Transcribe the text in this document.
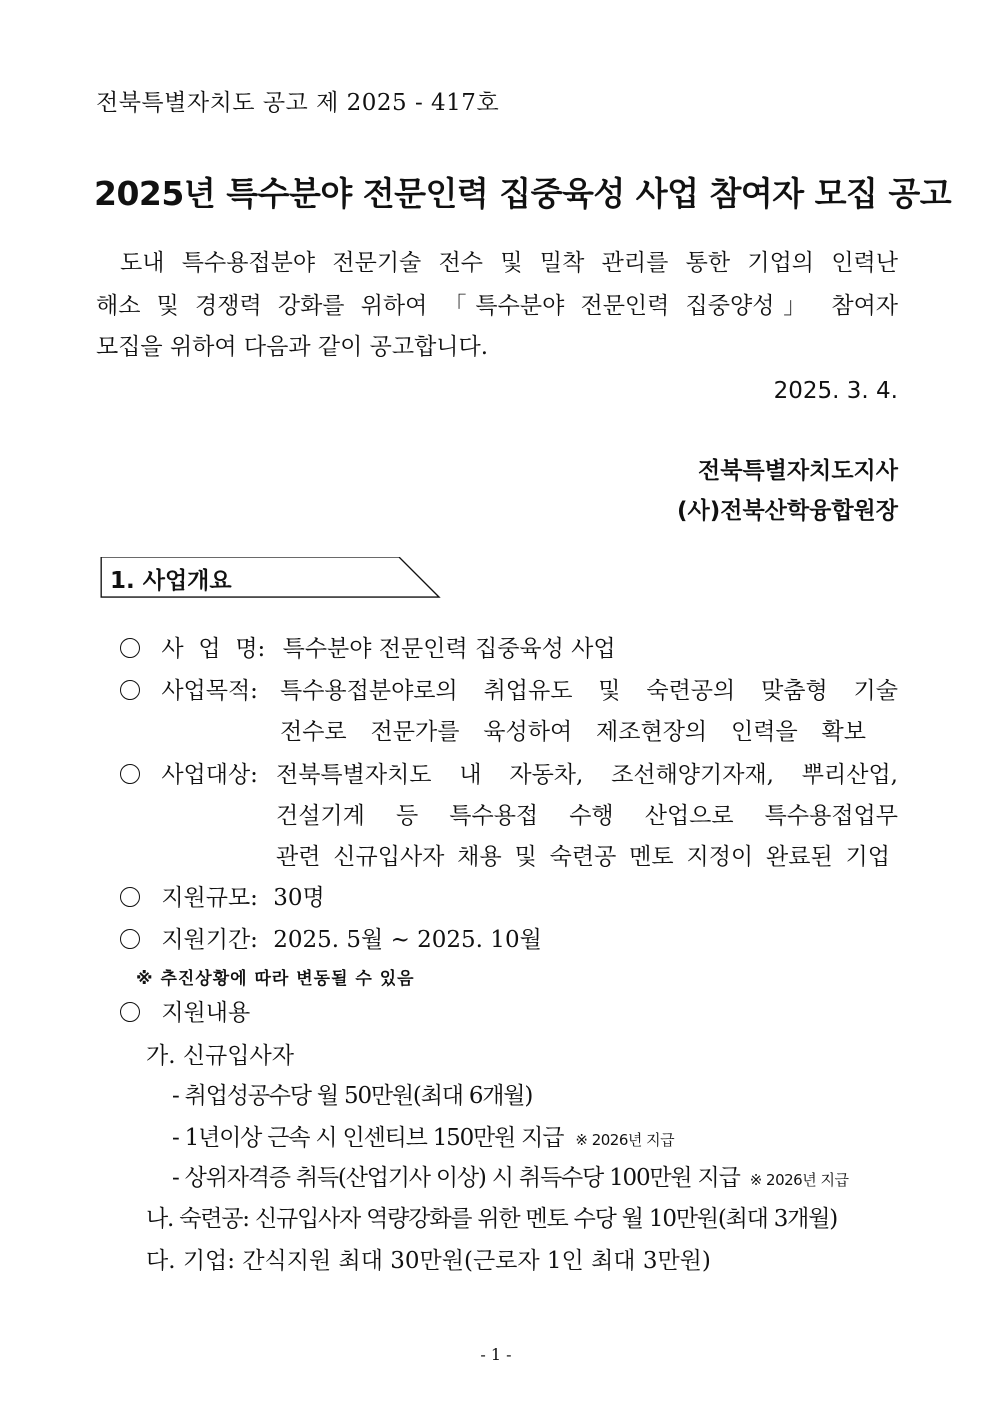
전북특별자치도 공고 제 2025 - 417호
2025년 특수분야 전문인력 집중육성 사업 참여자 모집 공고
도내 특수용접분야 전문기술 전수 및 밀착 관리를 통한 기업의 인력난
해소 및 경쟁력 강화를 위하여 「특수분야 전문인력 집중양성」 참여자
모집을 위하여 다음과 같이 공고합니다.
2025. 3. 4.
전북특별자치도지사
(사)전북산학융합원장
1. 사업개요
사 업 명: 특수분야 전문인력 집중육성 사업
사업목적: 특수용접분야로의 취업유도 및 숙련공의 맞춤형 기술
전수로 전문가를 육성하여 제조현장의 인력을 확보
사업대상: 전북특별자치도 내 자동차, 조선해양기자재, 뿌리산업,
건설기계 등 특수용접 수행 산업으로 특수용접업무
관련 신규입사자 채용 및 숙련공 멘토 지정이 완료된 기업
지원규모: 30명
지원기간: 2025. 5월 ~ 2025. 10월
※ 추진상황에 따라 변동될 수 있음
지원내용
가. 신규입사자
- 취업성공수당 월 50만원(최대 6개월)
- 1년이상 근속 시 인센티브 150만원 지급 ※ 2026년 지급
- 상위자격증 취득(산업기사 이상) 시 취득수당 100만원 지급 ※ 2026년 지급
나. 숙련공: 신규입사자 역량강화를 위한 멘토 수당 월 10만원(최대 3개월)
다. 기업: 간식지원 최대 30만원(근로자 1인 최대 3만원)
- 1 -
